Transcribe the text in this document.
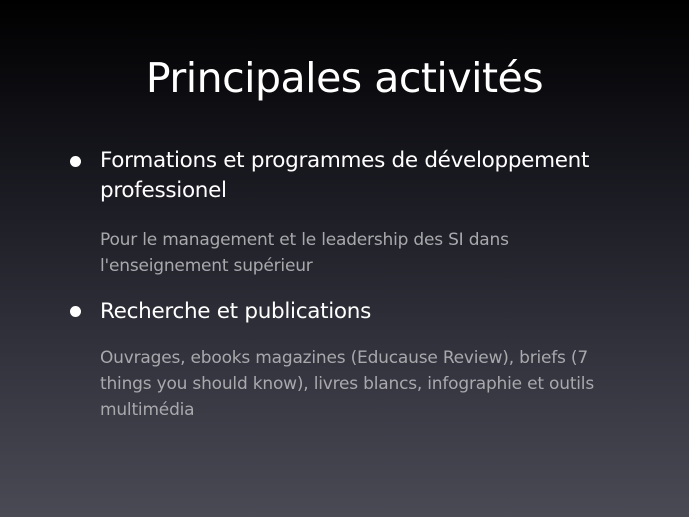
Principales activités
Formations et programmes de développement professionel
Pour le management et le leadership des SI dans l'enseignement supérieur
Recherche et publications
Ouvrages, ebooks magazines (Educause Review), briefs (7 things you should know), livres blancs, infographie et outils multimédia
